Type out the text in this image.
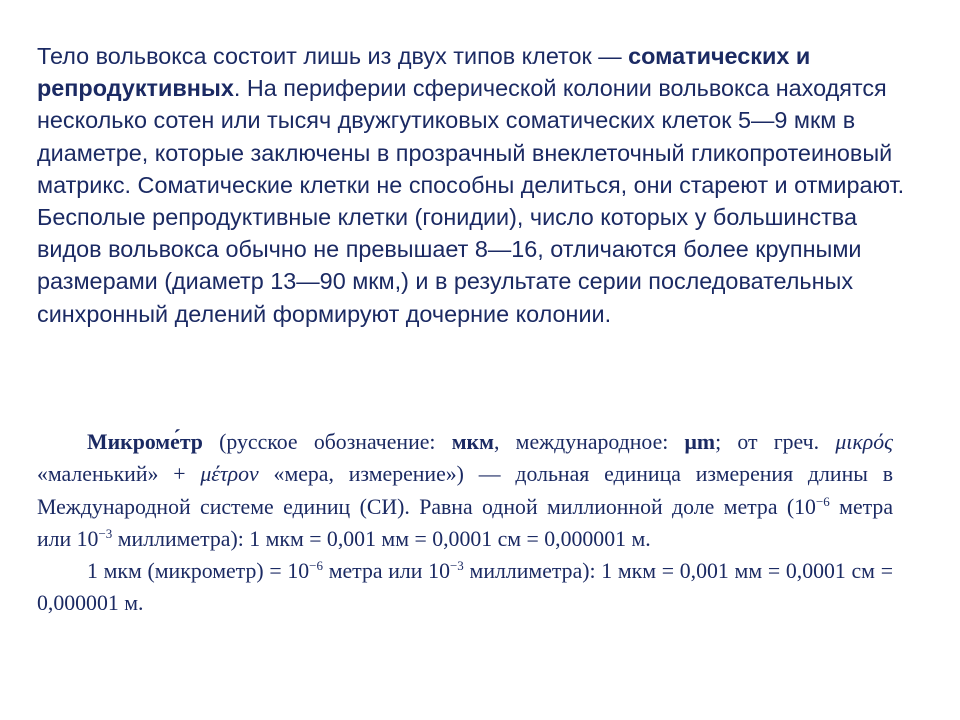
Тело вольвокса состоит лишь из двух типов клеток — соматических и репродуктивных. На периферии сферической колонии вольвокса находятся несколько сотен или тысяч двужгутиковых соматических клеток 5—9 мкм в диаметре, которые заключены в прозрачный внеклеточный гликопротеиновый матрикс. Соматические клетки не способны делиться, они стареют и отмирают. Бесполые репродуктивные клетки (гонидии), число которых у большинства видов вольвокса обычно не превышает 8—16, отличаются более крупными размерами (диаметр 13—90 мкм,) и в результате серии последовательных синхронный делений формируют дочерние колонии.

Микроме́тр (русское обозначение: мкм, международное: μm; от греч. μικρός «маленький» + μέτρον «мера, измерение») — дольная единица измерения длины в Международной системе единиц (СИ). Равна одной миллионной доле метра ($10^{-6}$ метра или $10^{-3}$ миллиметра): 1 мкм = 0,001 мм = 0,0001 см = 0,000001 м.

1 мкм (микрометр) = $10^{-6}$ метра или $10^{-3}$ миллиметра): 1 мкм = 0,001 мм = 0,0001 см = 0,000001 м.
